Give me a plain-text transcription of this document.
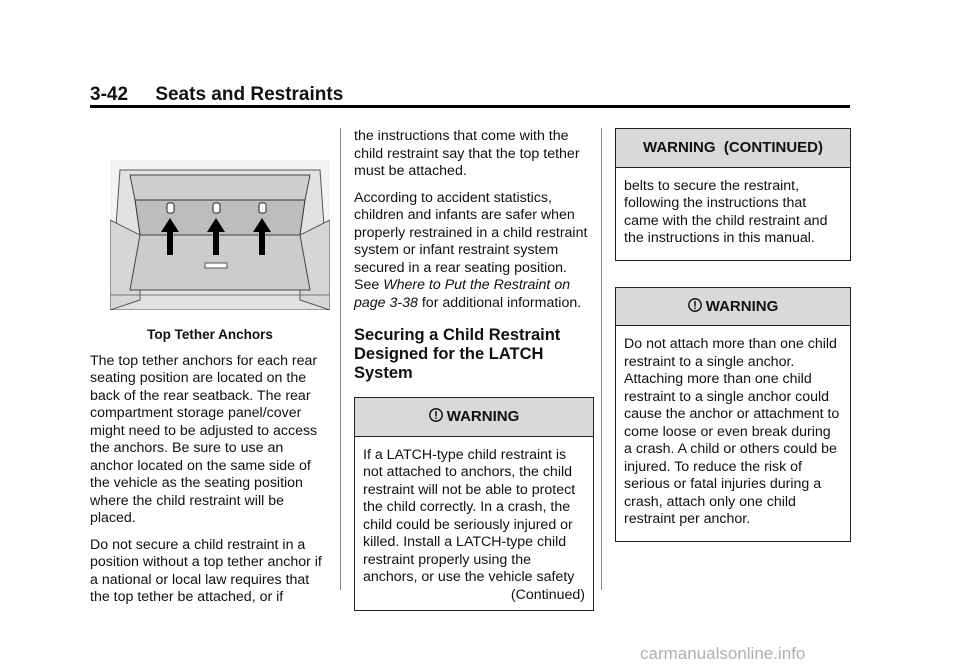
3-42 Seats and Restraints

Top Tether Anchors

The top tether anchors for each rear seating position are located on the back of the rear seatback. The rear compartment storage panel/cover might need to be adjusted to access the anchors. Be sure to use an anchor located on the same side of the vehicle as the seating position where the child restraint will be placed.

Do not secure a child restraint in a position without a top tether anchor if a national or local law requires that the top tether be attached, or if

the instructions that come with the child restraint say that the top tether must be attached.

According to accident statistics, children and infants are safer when properly restrained in a child restraint system or infant restraint system secured in a rear seating position. See Where to Put the Restraint on page 3-38 for additional information.

Securing a Child Restraint Designed for the LATCH System
WARNING

If a LATCH-type child restraint is not attached to anchors, the child restraint will not be able to protect the child correctly. In a crash, the child could be seriously injured or killed. Install a LATCH-type child restraint properly using the anchors, or use the vehicle safety

(Continued)

WARNING  (CONTINUED)

belts to secure the restraint, following the instructions that came with the child restraint and the instructions in this manual.

WARNING

Do not attach more than one child restraint to a single anchor. Attaching more than one child restraint to a single anchor could cause the anchor or attachment to come loose or even break during a crash. A child or others could be injured. To reduce the risk of serious or fatal injuries during a crash, attach only one child restraint per anchor.

carmanualsonline.info
